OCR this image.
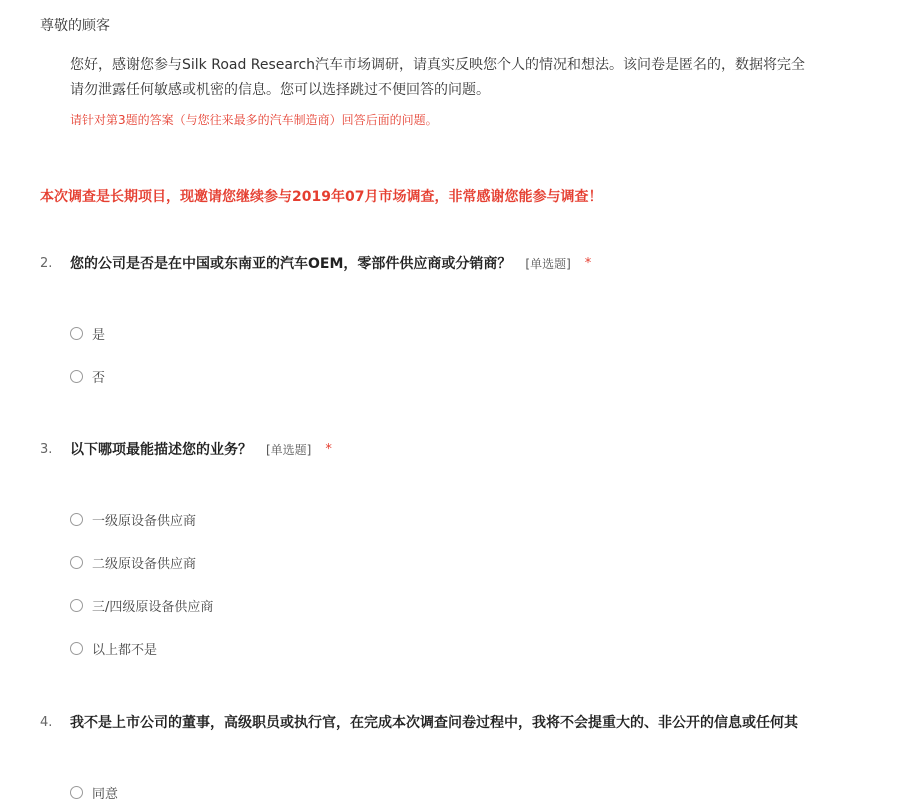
尊敬的顾客
您好，感谢您参与Silk Road Research汽车市场调研，请真实反映您个人的情况和想法。该问卷是匿名的，数据将完全
请勿泄露任何敏感或机密的信息。您可以选择跳过不便回答的问题。
请针对第3题的答案（与您往来最多的汽车制造商）回答后面的问题。
本次调查是长期项目，现邀请您继续参与2019年07月市场调查，非常感谢您能参与调查！
2.	您的公司是否是在中国或东南亚的汽车OEM，零部件供应商或分销商？ [单选题] *
是
否
3.	以下哪项最能描述您的业务？ [单选题] *
一级原设备供应商
二级原设备供应商
三/四级原设备供应商
以上都不是
4.	我不是上市公司的董事，高级职员或执行官，在完成本次调查问卷过程中，我将不会提重大的、非公开的信息或任何其
同意
